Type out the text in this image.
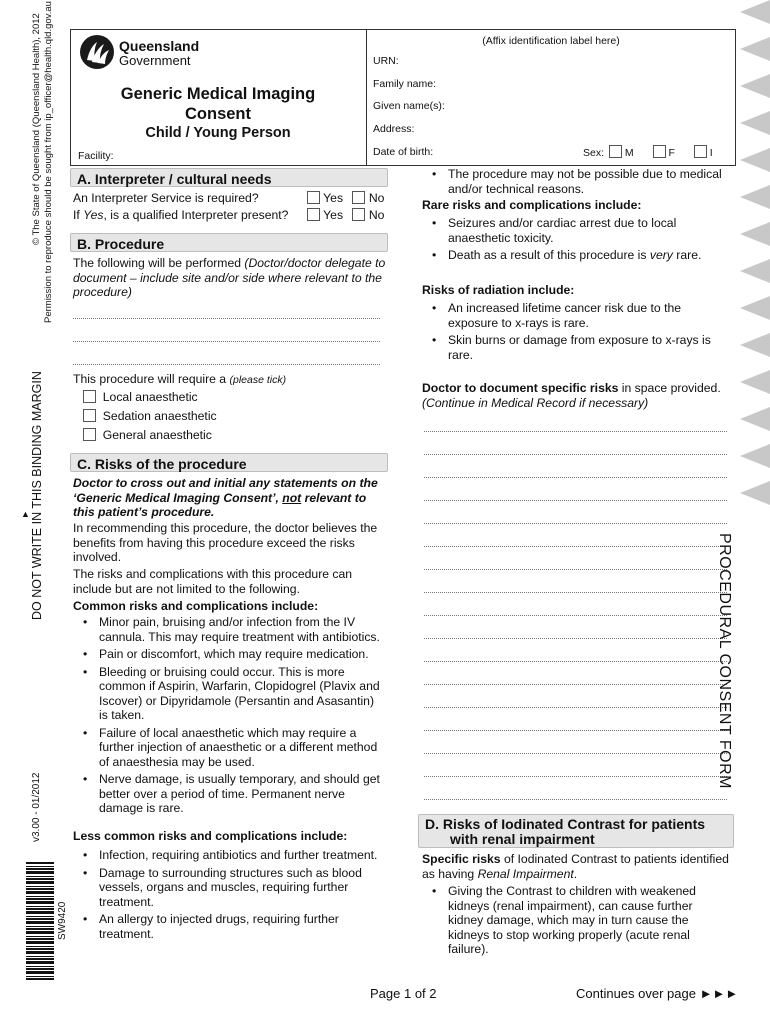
© The State of Queensland (Queensland Health), 2012 Permission to reproduce should be sought from ip_officer@health.qld.gov.au
DO NOT WRITE IN THIS BINDING MARGIN
▲
v3.00 - 01/2012
SW9420
Queensland
Government
Generic Medical Imaging
Consent
Child / Young Person
Facility:
(Affix identification label here)
URN:
Family name:
Given name(s):
Address:
Date of birth:	Sex: M	F	I
A. Interpreter / cultural needs
An Interpreter Service is required?
If Yes, is a qualified Interpreter present?
Yes No
Yes No
B. Procedure
The following will be performed (Doctor/doctor delegate to document – include site and/or side where relevant to the procedure)
This procedure will require a (please tick)
Local anaesthetic
Sedation anaesthetic
General anaesthetic
C. Risks of the procedure
Doctor to cross out and initial any statements on the ‘Generic Medical Imaging Consent’, not relevant to this patient’s procedure.
In recommending this procedure, the doctor believes the benefits from having this procedure exceed the risks involved.
The risks and complications with this procedure can include but are not limited to the following.
Common risks and complications include:
• Minor pain, bruising and/or infection from the IV cannula. This may require treatment with antibiotics.
• Pain or discomfort, which may require medication.
• Bleeding or bruising could occur. This is more common if Aspirin, Warfarin, Clopidogrel (Plavix and Iscover) or Dipyridamole (Persantin and Asasantin) is taken.
• Failure of local anaesthetic which may require a further injection of anaesthetic or a different method of anaesthesia may be used.
• Nerve damage, is usually temporary, and should get better over a period of time. Permanent nerve damage is rare.
Less common risks and complications include:
• Infection, requiring antibiotics and further treatment.
• Damage to surrounding structures such as blood vessels, organs and muscles, requiring further treatment.
• An allergy to injected drugs, requiring further treatment.
• The procedure may not be possible due to medical and/or technical reasons.
Rare risks and complications include:
• Seizures and/or cardiac arrest due to local anaesthetic toxicity.
• Death as a result of this procedure is very rare.
Risks of radiation include:
• An increased lifetime cancer risk due to the exposure to x-rays is rare.
• Skin burns or damage from exposure to x-rays is rare.
Doctor to document specific risks in space provided. (Continue in Medical Record if necessary)
D. Risks of Iodinated Contrast for patients
with renal impairment
Specific risks of Iodinated Contrast to patients identified as having Renal Impairment.
• Giving the Contrast to children with weakened kidneys (renal impairment), can cause further kidney damage, which may in turn cause the kidneys to stop working properly (acute renal failure).
PROCEDURAL CONSENT FORM
Page 1 of 2	Continues over page ►►►
